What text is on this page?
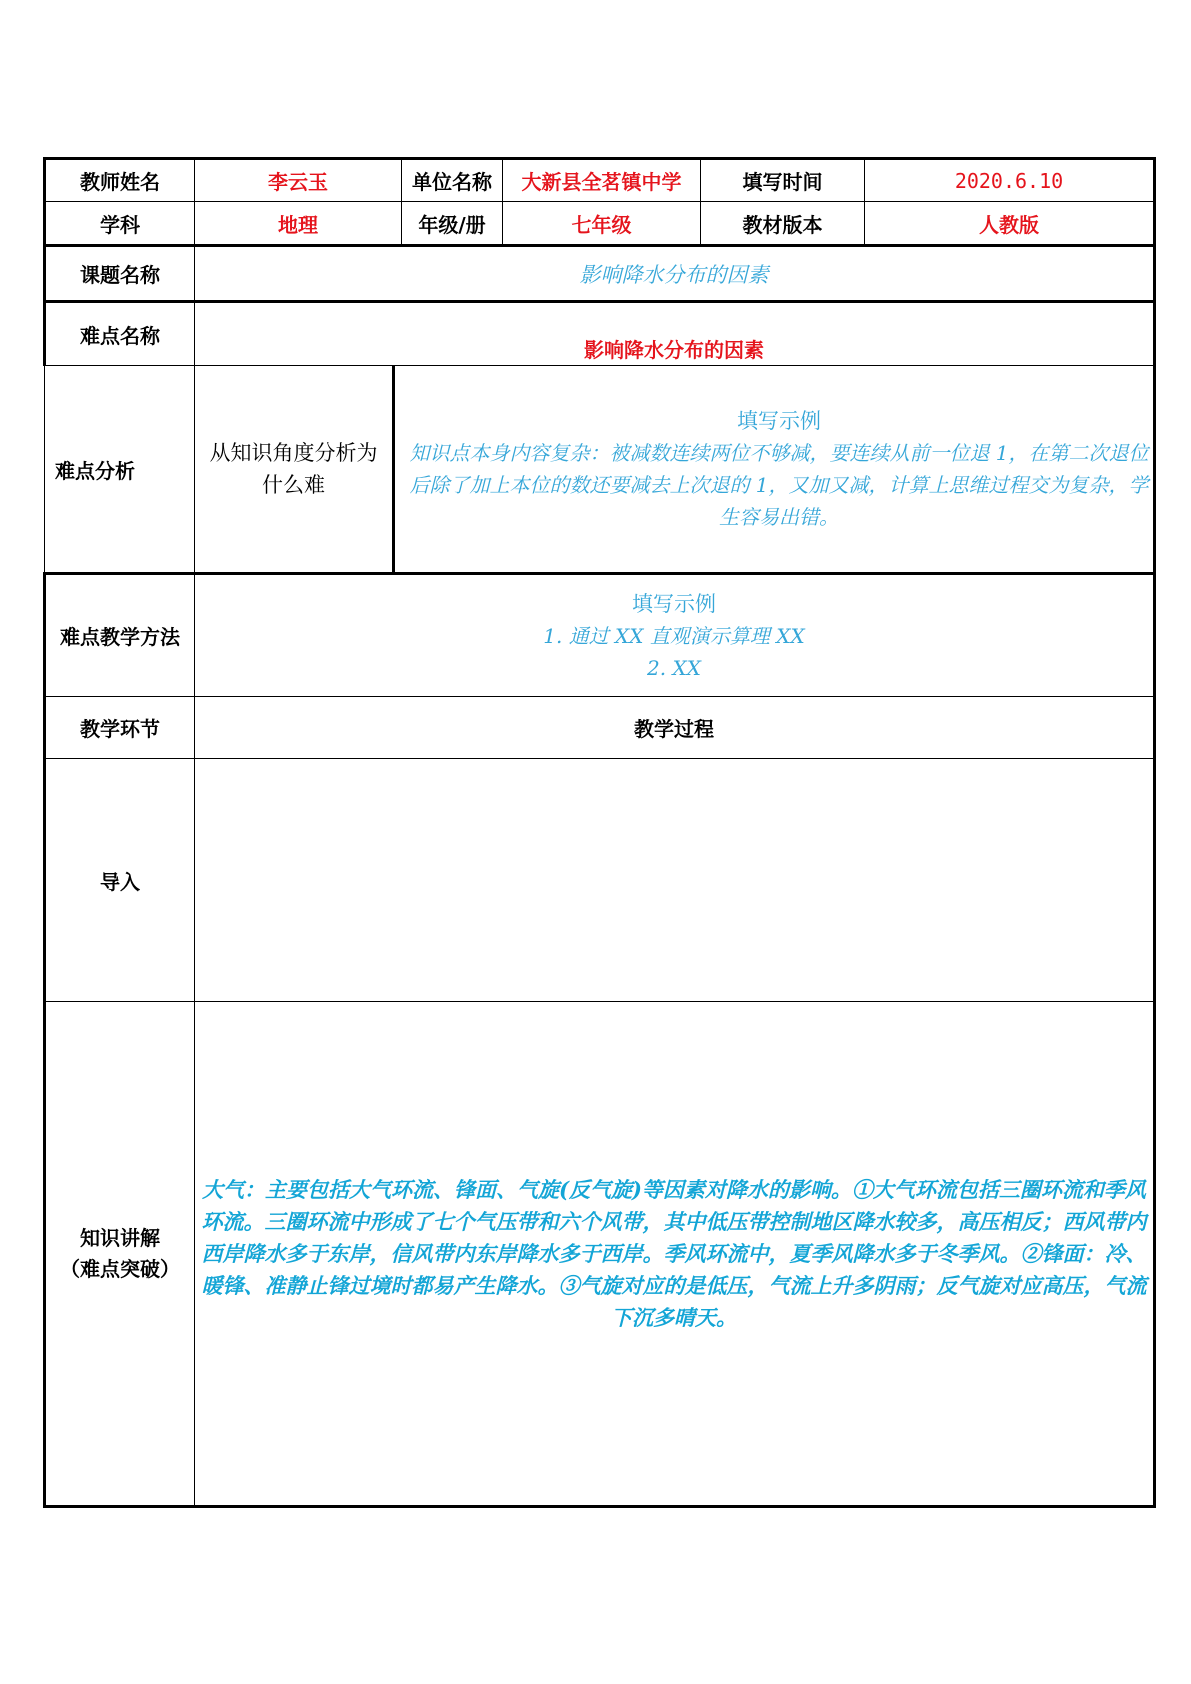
教师姓名	李云玉		单位名称	大新县全茗镇中学	填写时间	2020.6.10
学科	地理		年级/册	七年级	教材版本	人教版
课题名称	影响降水分布的因素					
难点名称	影响降水分布的因素					
难点分析	从知识角度分析为什么难	填写示例
知识点本身内容复杂：被减数连续两位不够减，要连续从前一位退 1，在第二次退位后除了加上本位的数还要减去上次退的 1，又加又减，计算上思维过程交为复杂，学生容易出错。				

难点教学方法	填写示例
1. 通过 XX 直观演示算理 XX
2. XX					

教学环节	教学过程					
导入						

知识讲解
（难点突破）	大气：主要包括大气环流、锋面、气旋(反气旋)等因素对降水的影响。①大气环流包括三圈环流和季风环流。三圈环流中形成了七个气压带和六个风带，其中低压带控制地区降水较多，高压相反；西风带内西岸降水多于东岸，信风带内东岸降水多于西岸。季风环流中，夏季风降水多于冬季风。②锋面：冷、暖锋、准静止锋过境时都易产生降水。③气旋对应的是低压，气流上升多阴雨；反气旋对应高压，气流下沉多晴天。					
